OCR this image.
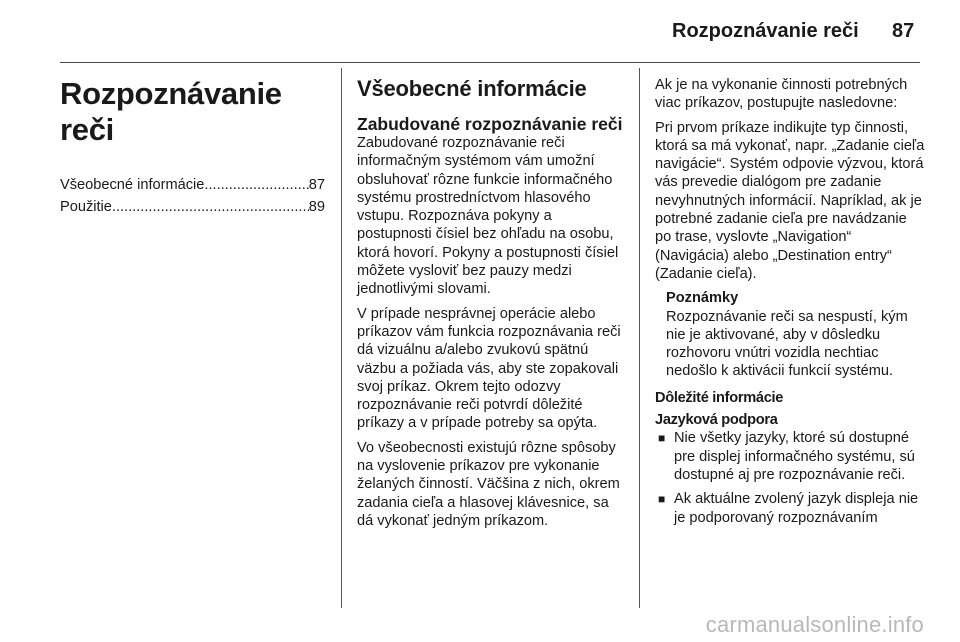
Rozpoznávanie reči 87
Rozpoznávanie reči
Všeobecné informácie .....	87
Použitie .....	89
Všeobecné informácie
Zabudované rozpoznávanie reči

Zabudované rozpoznávanie reči informačným systémom vám umožní obsluhovať rôzne funkcie informačného systému prostredníctvom hlasového vstupu. Rozpoznáva pokyny a postupnosti čísiel bez ohľadu na osobu, ktorá hovorí. Pokyny a postupnosti čísiel môžete vysloviť bez pauzy medzi jednotlivými slovami.

V prípade nesprávnej operácie alebo príkazov vám funkcia rozpoznávania reči dá vizuálnu a/alebo zvukovú spätnú väzbu a požiada vás, aby ste zopakovali svoj príkaz. Okrem tejto odozvy rozpoznávanie reči potvrdí dôležité príkazy a v prípade potreby sa opýta.

Vo všeobecnosti existujú rôzne spôsoby na vyslovenie príkazov pre vykonanie želaných činností. Väčšina z nich, okrem zadania cieľa a hlasovej klávesnice, sa dá vykonať jedným príkazom.

Ak je na vykonanie činnosti potrebných viac príkazov, postupujte nasledovne:

Pri prvom príkaze indikujte typ činnosti, ktorá sa má vykonať, napr. „Zadanie cieľa navigácie“. Systém odpovie výzvou, ktorá vás prevedie dialógom pre zadanie nevyhnutných informácií. Napríklad, ak je potrebné zadanie cieľa pre navádzanie po trase, vyslovte „Navigation“ (Navigácia) alebo „Destination entry“ (Zadanie cieľa).

Poznámky
Rozpoznávanie reči sa nespustí, kým nie je aktivované, aby v dôsledku rozhovoru vnútri vozidla nechtiac nedošlo k aktivácii funkcií systému.
Dôležité informácie
Jazyková podpora
■ Nie všetky jazyky, ktoré sú dostupné pre displej informačného systému, sú dostupné aj pre rozpoznávanie reči.
■ Ak aktuálne zvolený jazyk displeja nie je podporovaný rozpoznávaním
carmanualsonline.info
